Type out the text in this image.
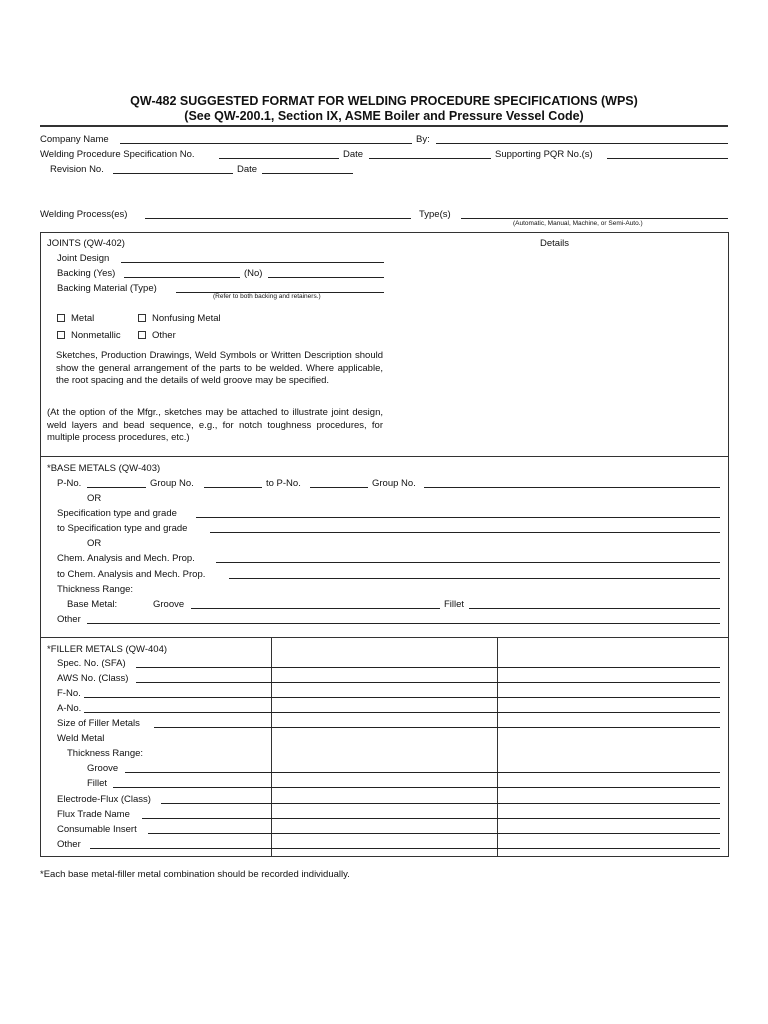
QW-482 SUGGESTED FORMAT FOR WELDING PROCEDURE SPECIFICATIONS (WPS)
(See QW-200.1, Section IX, ASME Boiler and Pressure Vessel Code)
Company Name	By:
Welding Procedure Specification No.	Date	Supporting PQR No.(s)
Revision No.	Date
Welding Process(es)	Type(s)
(Automatic, Manual, Machine, or Semi-Auto.)
JOINTS (QW-402)	Details
Joint Design
Backing (Yes)	(No)
Backing Material (Type)
(Refer to both backing and retainers.)
Metal	Nonfusing Metal
Nonmetallic	Other
Sketches, Production Drawings, Weld Symbols or Written Description should show the general arrangement of the parts to be welded. Where applicable, the root spacing and the details of weld groove may be specified.
(At the option of the Mfgr., sketches may be attached to illustrate joint design, weld layers and bead sequence, e.g., for notch toughness procedures, for multiple process procedures, etc.)
*BASE METALS (QW-403)
P-No.	Group No.	to P-No.	Group No.
OR
Specification type and grade
to Specification type and grade
OR
Chem. Analysis and Mech. Prop.
to Chem. Analysis and Mech. Prop.
Thickness Range:
Base Metal:	Groove	Fillet
Other
*FILLER METALS (QW-404)
Spec. No. (SFA)
AWS No. (Class)
F-No.
A-No.
Size of Filler Metals
Weld Metal
Thickness Range:
Groove
Fillet
Electrode-Flux (Class)
Flux Trade Name
Consumable Insert
Other
*Each base metal-filler metal combination should be recorded individually.
